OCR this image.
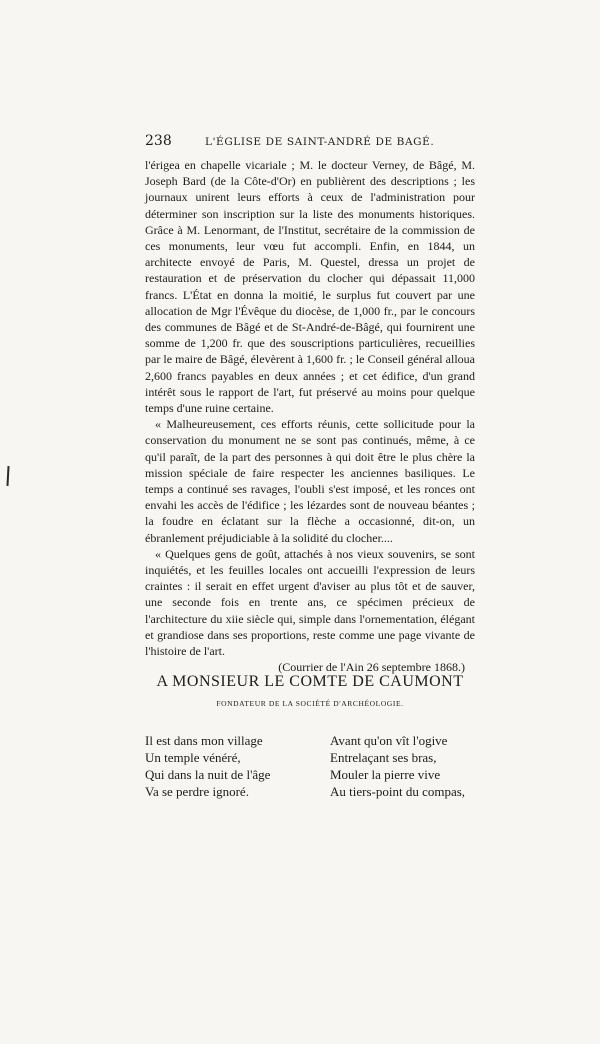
238	L'ÉGLISE DE SAINT-ANDRÉ DE BAGÉ.

l'érigea en chapelle vicariale ; M. le docteur Verney, de Bâgé, M. Joseph Bard (de la Côte-d'Or) en publièrent des descriptions ; les journaux unirent leurs efforts à ceux de l'administration pour déterminer son inscription sur la liste des monuments historiques. Grâce à M. Lenormant, de l'Institut, secrétaire de la commission de ces monuments, leur vœu fut accompli. Enfin, en 1844, un architecte envoyé de Paris, M. Questel, dressa un projet de restauration et de préservation du clocher qui dépassait 11,000 francs. L'État en donna la moitié, le surplus fut couvert par une allocation de Mgr l'Évêque du diocèse, de 1,000 fr., par le concours des communes de Bâgé et de St-André-de-Bâgé, qui fournirent une somme de 1,200 fr. que des souscriptions particulières, recueillies par le maire de Bâgé, élevèrent à 1,600 fr. ; le Conseil général alloua 2,600 francs payables en deux années ; et cet édifice, d'un grand intérêt sous le rapport de l'art, fut préservé au moins pour quelque temps d'une ruine certaine.

« Malheureusement, ces efforts réunis, cette sollicitude pour la conservation du monument ne se sont pas continués, même, à ce qu'il paraît, de la part des personnes à qui doit être le plus chère la mission spéciale de faire respecter les anciennes basiliques. Le temps a continué ses ravages, l'oubli s'est imposé, et les ronces ont envahi les accès de l'édifice ; les lézardes sont de nouveau béantes ; la foudre en éclatant sur la flèche a occasionné, dit-on, un ébranlement préjudiciable à la solidité du clocher....

« Quelques gens de goût, attachés à nos vieux souvenirs, se sont inquiétés, et les feuilles locales ont accueilli l'expression de leurs craintes : il serait en effet urgent d'aviser au plus tôt et de sauver, une seconde fois en trente ans, ce spécimen précieux de l'architecture du xiie siècle qui, simple dans l'ornementation, élégant et grandiose dans ses proportions, reste comme une page vivante de l'histoire de l'art.

(Courrier de l'Ain 26 septembre 1868.)

A MONSIEUR LE COMTE DE CAUMONT
FONDATEUR DE LA SOCIÉTÉ D'ARCHÉOLOGIE.
Il est dans mon village
Un temple vénéré,
Qui dans la nuit de l'âge
Va se perdre ignoré.
Avant qu'on vît l'ogive
Entrelaçant ses bras,
Mouler la pierre vive
Au tiers-point du compas,
